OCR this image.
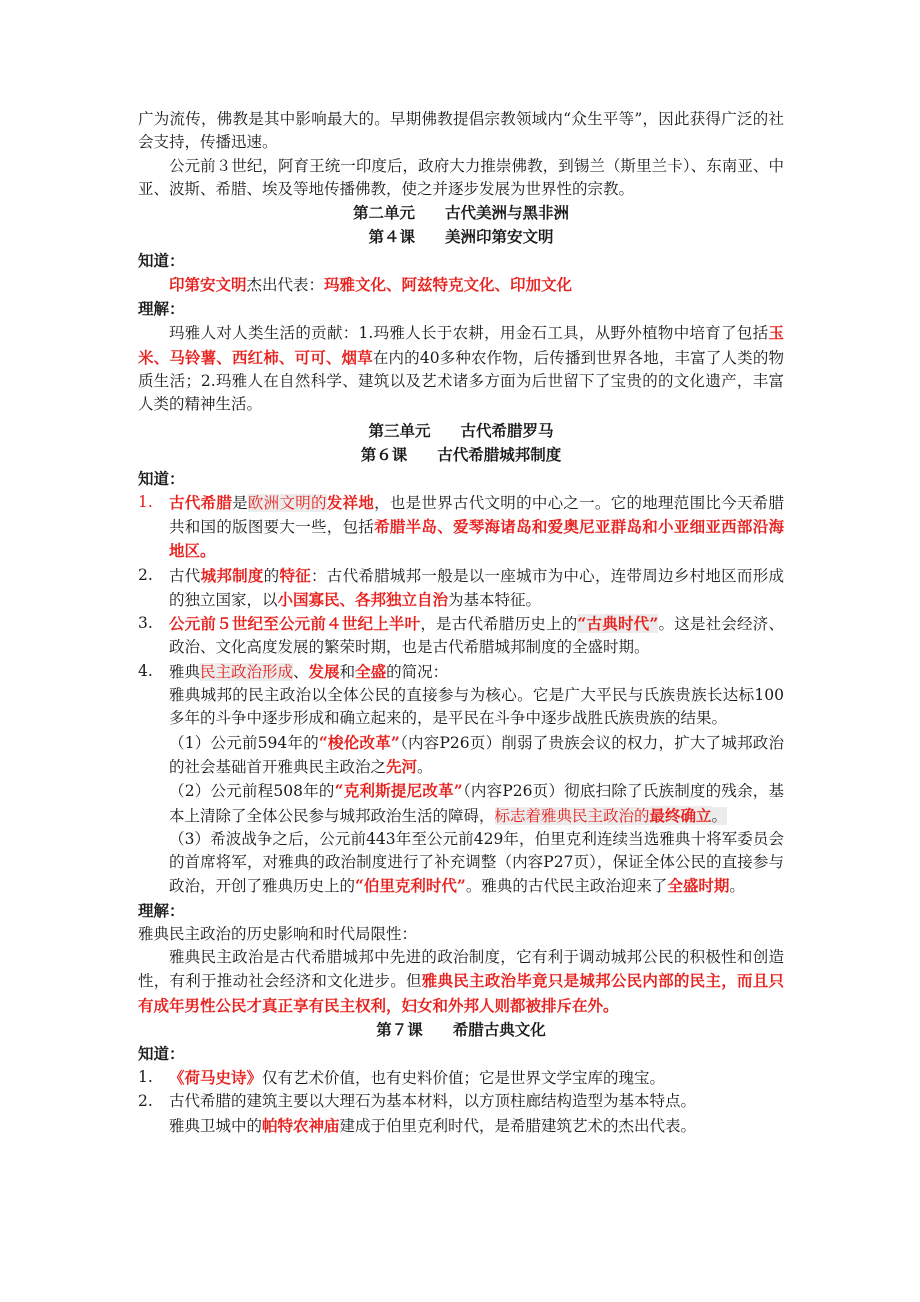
广为流传，佛教是其中影响最大的。早期佛教提倡宗教领域内“众生平等”，因此获得广泛的社会支持，传播迅速。

公元前３世纪，阿育王统一印度后，政府大力推崇佛教，到锡兰（斯里兰卡）、东南亚、中亚、波斯、希腊、埃及等地传播佛教，使之并逐步发展为世界性的宗教。

第二单元 古代美洲与黑非洲

第４课 美洲印第安文明

知道：

印第安文明杰出代表：玛雅文化、阿兹特克文化、印加文化

理解：

玛雅人对人类生活的贡献：1.玛雅人长于农耕，用金石工具，从野外植物中培育了包括玉米、马铃薯、西红柿、可可、烟草在内的40多种农作物，后传播到世界各地，丰富了人类的物质生活；2.玛雅人在自然科学、建筑以及艺术诸多方面为后世留下了宝贵的的文化遗产，丰富人类的精神生活。

第三单元 古代希腊罗马

第６课 古代希腊城邦制度

知道：

1. 古代希腊是欧洲文明的发祥地，也是世界古代文明的中心之一。它的地理范围比今天希腊共和国的版图要大一些，包括希腊半岛、爱琴海诸岛和爱奥尼亚群岛和小亚细亚西部沿海地区。

2. 古代城邦制度的特征：古代希腊城邦一般是以一座城市为中心，连带周边乡村地区而形成的独立国家，以小国寡民、各邦独立自治为基本特征。

3. 公元前５世纪至公元前４世纪上半叶，是古代希腊历史上的“古典时代”。这是社会经济、政治、文化高度发展的繁荣时期，也是古代希腊城邦制度的全盛时期。

4. 雅典民主政治形成、发展和全盛的简况：

雅典城邦的民主政治以全体公民的直接参与为核心。它是广大平民与氏族贵族长达标100多年的斗争中逐步形成和确立起来的，是平民在斗争中逐步战胜氏族贵族的结果。

（1）公元前594年的“梭伦改革”（内容P26页）削弱了贵族会议的权力，扩大了城邦政治的社会基础首开雅典民主政治之先河。

（2）公元前程508年的“克利斯提尼改革”（内容P26页）彻底扫除了氏族制度的残余，基本上清除了全体公民参与城邦政治生活的障碍，标志着雅典民主政治的最终确立。

（3）希波战争之后，公元前443年至公元前429年，伯里克利连续当选雅典十将军委员会的首席将军，对雅典的政治制度进行了补充调整（内容P27页），保证全体公民的直接参与政治，开创了雅典历史上的“伯里克利时代”。雅典的古代民主政治迎来了全盛时期。

理解：

雅典民主政治的历史影响和时代局限性：

雅典民主政治是古代希腊城邦中先进的政治制度，它有利于调动城邦公民的积极性和创造性，有利于推动社会经济和文化进步。但雅典民主政治毕竟只是城邦公民内部的民主，而且只有成年男性公民才真正享有民主权利，妇女和外邦人则都被排斥在外。

第７课 希腊古典文化

知道：

1. 《荷马史诗》仅有艺术价值，也有史料价值；它是世界文学宝库的瑰宝。

2. 古代希腊的建筑主要以大理石为基本材料，以方顶柱廊结构造型为基本特点。

雅典卫城中的帕特农神庙建成于伯里克利时代，是希腊建筑艺术的杰出代表。
